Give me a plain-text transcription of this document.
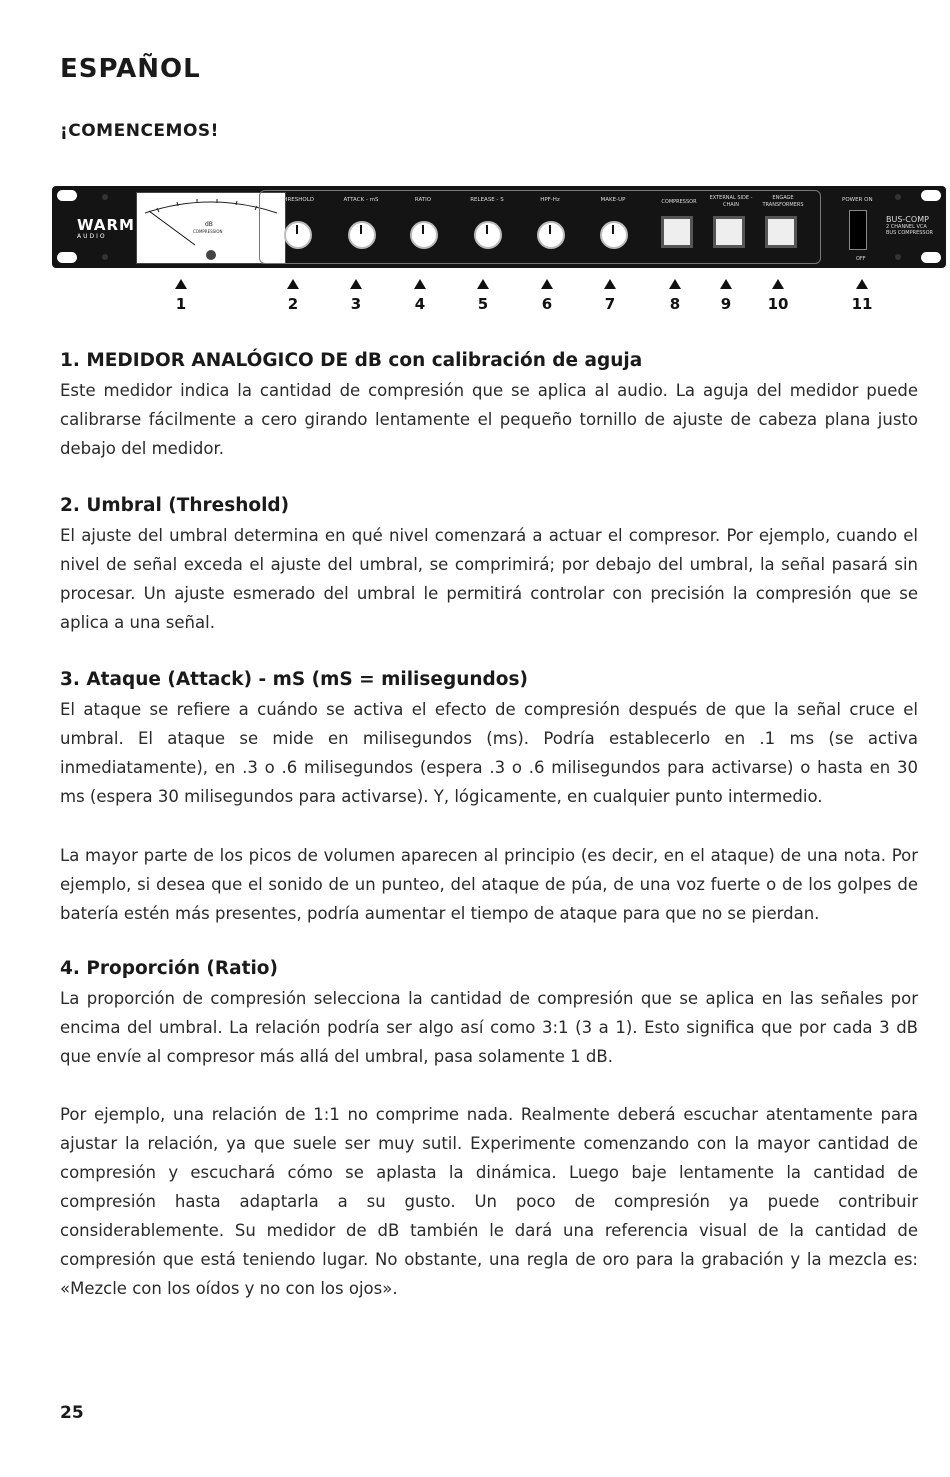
ESPAÑOL
¡COMENCEMOS!
WARM
AUDIO
dB
COMPRESSION
THRESHOLD	ATTACK - mS	RATIO	RELEASE - S	HPF-Hz	MAKE-UP	COMPRESSOR
EXTERNAL SIDE - CHAIN
ENGAGE TRANSFORMERS
POWER ON
OFF
BUS-COMP
2 CHANNEL VCA
BUS COMPRESSOR
1	2	3	4	5	6	7	8	9	10	11
1. MEDIDOR ANALÓGICO DE dB con calibración de aguja
Este medidor indica la cantidad de compresión que se aplica al audio. La aguja del medidor puede calibrarse fácilmente a cero girando lentamente el pequeño tornillo de ajuste de cabeza plana justo debajo del medidor.
2. Umbral (Threshold)
El ajuste del umbral determina en qué nivel comenzará a actuar el compresor. Por ejemplo, cuando el nivel de señal exceda el ajuste del umbral, se comprimirá; por debajo del umbral, la señal pasará sin procesar. Un ajuste esmerado del umbral le permitirá controlar con precisión la compresión que se aplica a una señal.
3. Ataque (Attack) - mS (mS = milisegundos)
El ataque se refiere a cuándo se activa el efecto de compresión después de que la señal cruce el umbral. El ataque se mide en milisegundos (ms). Podría establecerlo en .1 ms (se activa inmediatamente), en .3 o .6 milisegundos (espera .3 o .6 milisegundos para activarse) o hasta en 30 ms (espera 30 milisegundos para activarse). Y, lógicamente, en cualquier punto intermedio.
La mayor parte de los picos de volumen aparecen al principio (es decir, en el ataque) de una nota. Por ejemplo, si desea que el sonido de un punteo, del ataque de púa, de una voz fuerte o de los golpes de batería estén más presentes, podría aumentar el tiempo de ataque para que no se pierdan.
4. Proporción (Ratio)
La proporción de compresión selecciona la cantidad de compresión que se aplica en las señales por encima del umbral. La relación podría ser algo así como 3:1 (3 a 1). Esto significa que por cada 3 dB que envíe al compresor más allá del umbral, pasa solamente 1 dB.
Por ejemplo, una relación de 1:1 no comprime nada. Realmente deberá escuchar atentamente para ajustar la relación, ya que suele ser muy sutil. Experimente comenzando con la mayor cantidad de compresión y escuchará cómo se aplasta la dinámica. Luego baje lentamente la cantidad de compresión hasta adaptarla a su gusto. Un poco de compresión ya puede contribuir considerablemente. Su medidor de dB también le dará una referencia visual de la cantidad de compresión que está teniendo lugar. No obstante, una regla de oro para la grabación y la mezcla es: «Mezcle con los oídos y no con los ojos».
25
